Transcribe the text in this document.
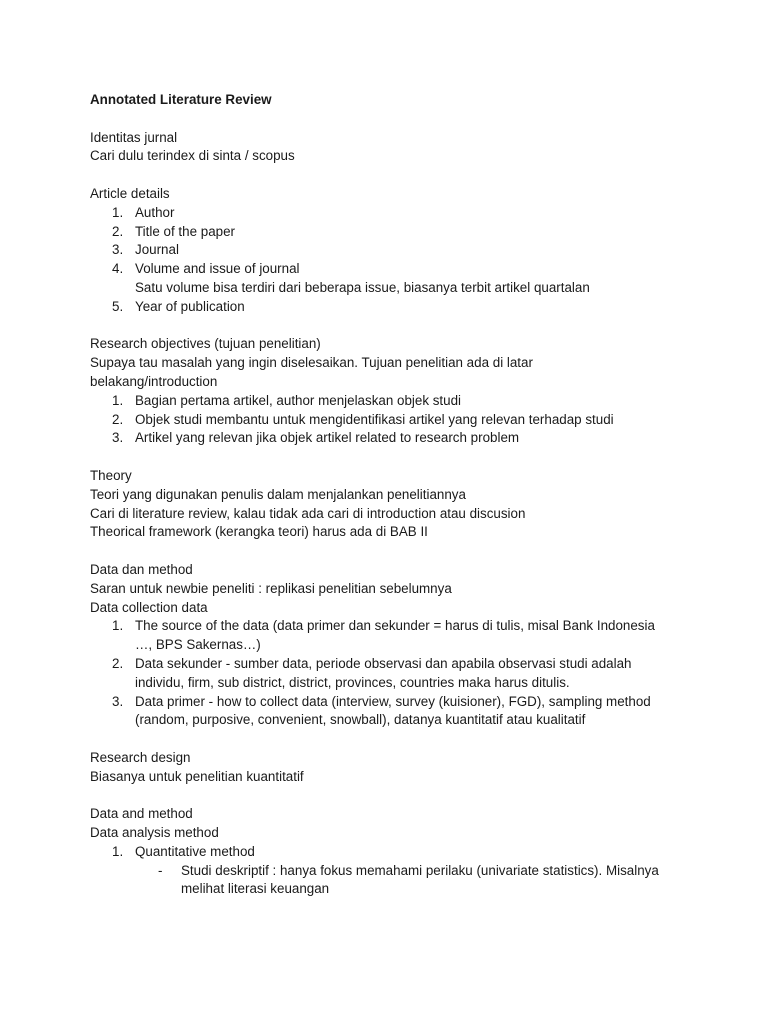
Annotated Literature Review

Identitas jurnal

Cari dulu terindex di sinta / scopus

Article details

1. Author
2. Title of the paper
3. Journal
4. Volume and issue of journal
Satu volume bisa terdiri dari beberapa issue, biasanya terbit artikel quartalan
5. Year of publication

Research objectives (tujuan penelitian)

Supaya tau masalah yang ingin diselesaikan. Tujuan penelitian ada di latar

belakang/introduction

1. Bagian pertama artikel, author menjelaskan objek studi
2. Objek studi membantu untuk mengidentifikasi artikel yang relevan terhadap studi
3. Artikel yang relevan jika objek artikel related to research problem

Theory

Teori yang digunakan penulis dalam menjalankan penelitiannya

Cari di literature review, kalau tidak ada cari di introduction atau discusion

Theorical framework (kerangka teori) harus ada di BAB II

Data dan method

Saran untuk newbie peneliti : replikasi penelitian sebelumnya

Data collection data

1. The source of the data (data primer dan sekunder = harus di tulis, misal Bank Indonesia
…, BPS Sakernas…)
2. Data sekunder - sumber data, periode observasi dan apabila observasi studi adalah
individu, firm, sub district, district, provinces, countries maka harus ditulis.
3. Data primer - how to collect data (interview, survey (kuisioner), FGD), sampling method
(random, purposive, convenient, snowball), datanya kuantitatif atau kualitatif

Research design

Biasanya untuk penelitian kuantitatif

Data and method

Data analysis method

1. Quantitative method
- Studi deskriptif : hanya fokus memahami perilaku (univariate statistics). Misalnya
melihat literasi keuangan
